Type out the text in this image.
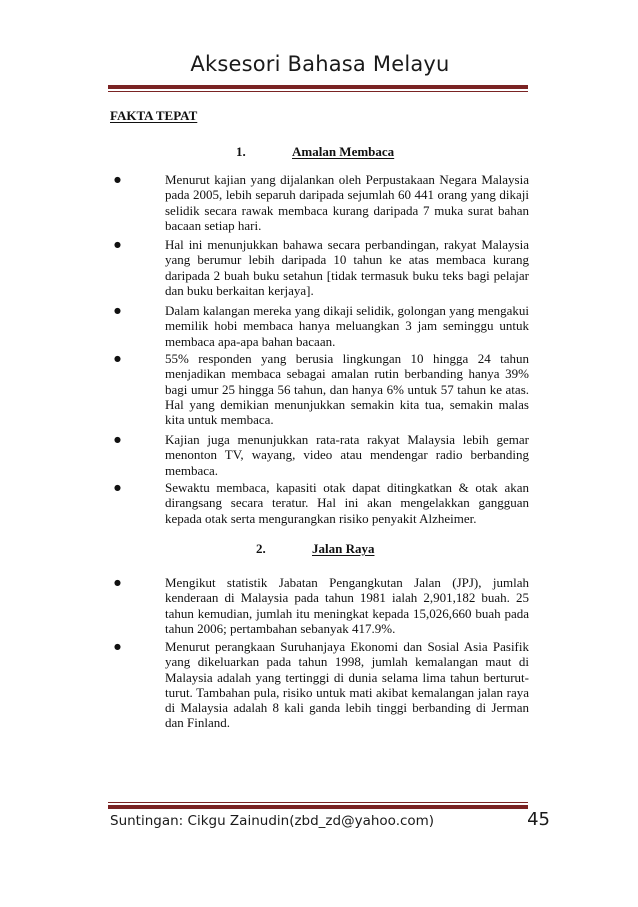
Aksesori Bahasa Melayu
FAKTA TEPAT
1.	Amalan Membaca
●	Menurut kajian yang dijalankan oleh Perpustakaan Negara Malaysia pada 2005, lebih separuh daripada sejumlah 60 441 orang yang dikaji selidik secara rawak membaca kurang daripada 7 muka surat bahan bacaan setiap hari.
●	Hal ini menunjukkan bahawa secara perbandingan, rakyat Malaysia yang berumur lebih daripada 10 tahun ke atas membaca kurang daripada 2 buah buku setahun [tidak termasuk buku teks bagi pelajar dan buku berkaitan kerjaya].
●	Dalam kalangan mereka yang dikaji selidik, golongan yang mengakui memilik hobi membaca hanya meluangkan 3 jam seminggu untuk membaca apa-apa bahan bacaan.
●	55% responden yang berusia lingkungan 10 hingga 24 tahun menjadikan membaca sebagai amalan rutin berbanding hanya 39% bagi umur 25 hingga 56 tahun, dan hanya 6% untuk 57 tahun ke atas. Hal yang demikian menunjukkan semakin kita tua, semakin malas kita untuk membaca.
●	Kajian juga menunjukkan rata-rata rakyat Malaysia lebih gemar menonton TV, wayang, video atau mendengar radio berbanding membaca.
●	Sewaktu membaca, kapasiti otak dapat ditingkatkan & otak akan dirangsang secara teratur. Hal ini akan mengelakkan gangguan kepada otak serta mengurangkan risiko penyakit Alzheimer.
2.	Jalan Raya
●	Mengikut statistik Jabatan Pengangkutan Jalan (JPJ), jumlah kenderaan di Malaysia pada tahun 1981 ialah 2,901,182 buah. 25 tahun kemudian, jumlah itu meningkat kepada 15,026,660 buah pada tahun 2006; pertambahan sebanyak 417.9%.
●	Menurut perangkaan Suruhanjaya Ekonomi dan Sosial Asia Pasifik yang dikeluarkan pada tahun 1998, jumlah kemalangan maut di Malaysia adalah yang tertinggi di dunia selama lima tahun berturut-turut. Tambahan pula, risiko untuk mati akibat kemalangan jalan raya di Malaysia adalah 8 kali ganda lebih tinggi berbanding di Jerman dan Finland.
Suntingan: Cikgu Zainudin(zbd_zd@yahoo.com)	45
